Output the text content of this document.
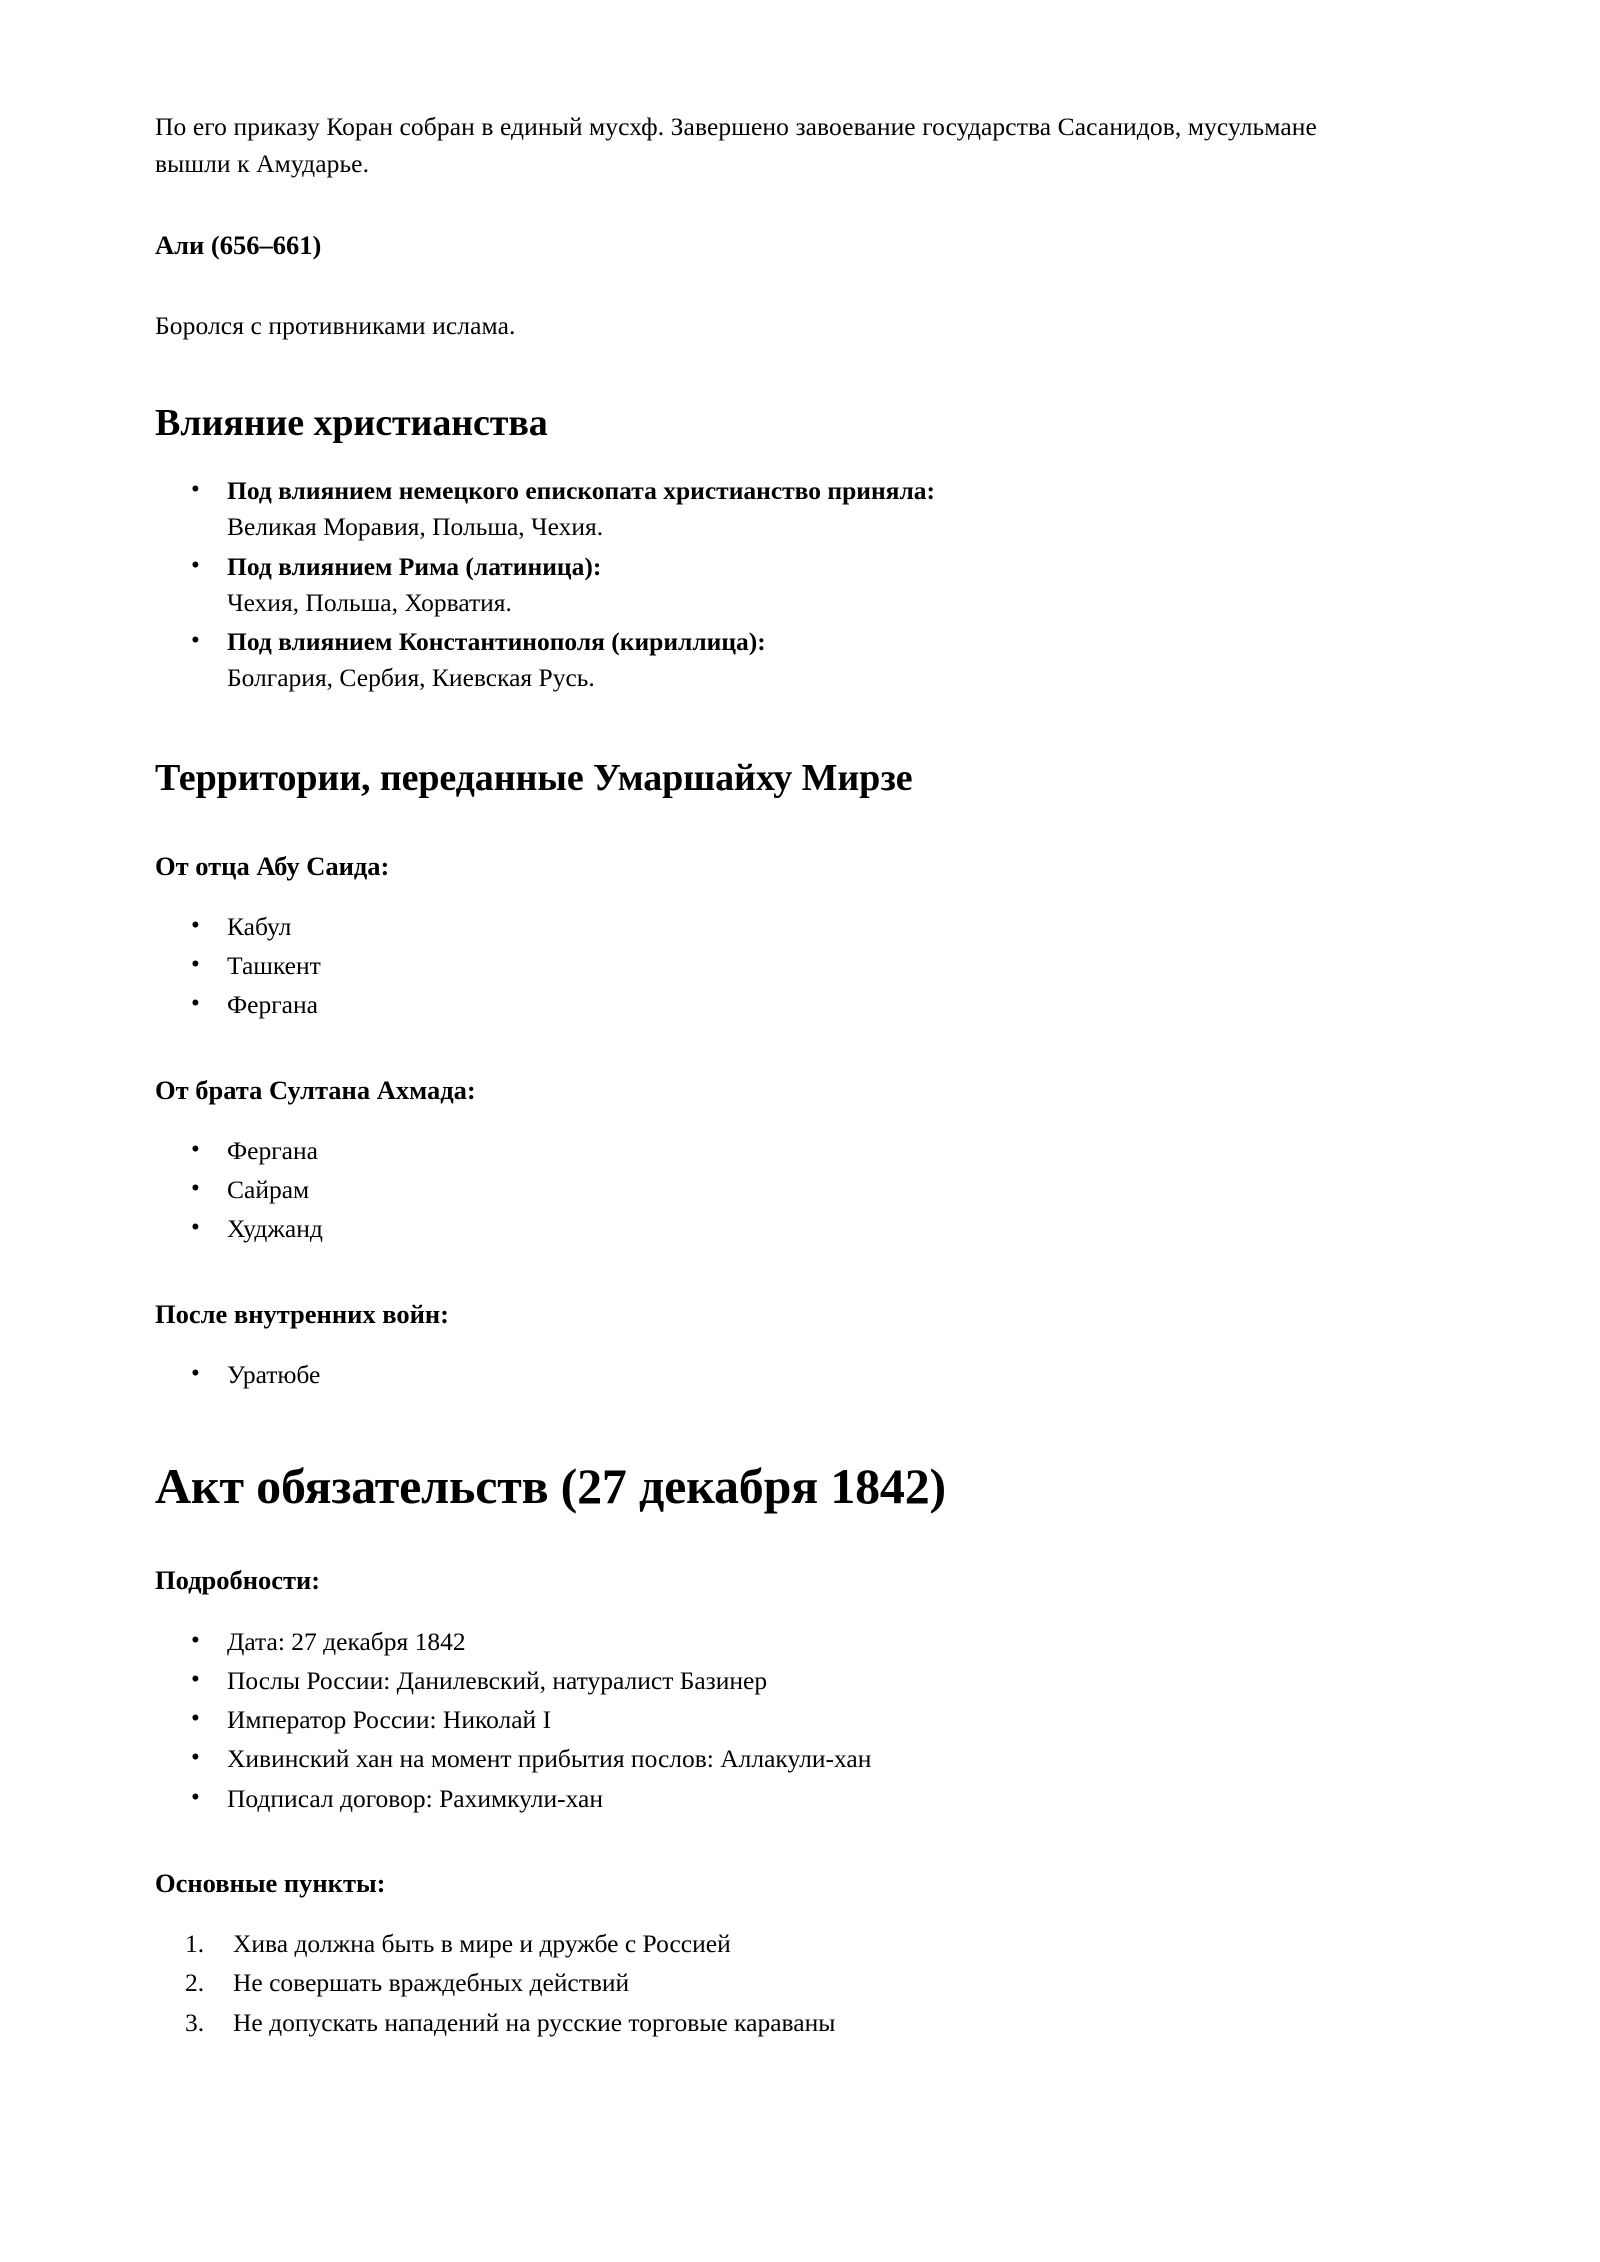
По его приказу Коран собран в единый мусхф. Завершено завоевание государства Сасанидов, мусульмане вышли к Амударье.

Али (656–661)

Боролся с противниками ислама.

Влияние христианства
• Под влиянием немецкого епископата христианство приняла:
Великая Моравия, Польша, Чехия.
• Под влиянием Рима (латиница):
Чехия, Польша, Хорватия.
• Под влиянием Константинополя (кириллица):
Болгария, Сербия, Киевская Русь.
Территории, переданные Умаршайху Мирзе
От отца Абу Саида:
• Кабул
• Ташкент
• Фергана
От брата Султана Ахмада:
• Фергана
• Сайрам
• Худжанд
После внутренних войн:
• Уратюбе
Акт обязательств (27 декабря 1842)
Подробности:
• Дата: 27 декабря 1842
• Послы России: Данилевский, натуралист Базинер
• Император России: Николай I
• Хивинский хан на момент прибытия послов: Аллакули-хан
• Подписал договор: Рахимкули-хан
Основные пункты:
Хива должна быть в мире и дружбе с Россией
Не совершать враждебных действий
Не допускать нападений на русские торговые караваны
